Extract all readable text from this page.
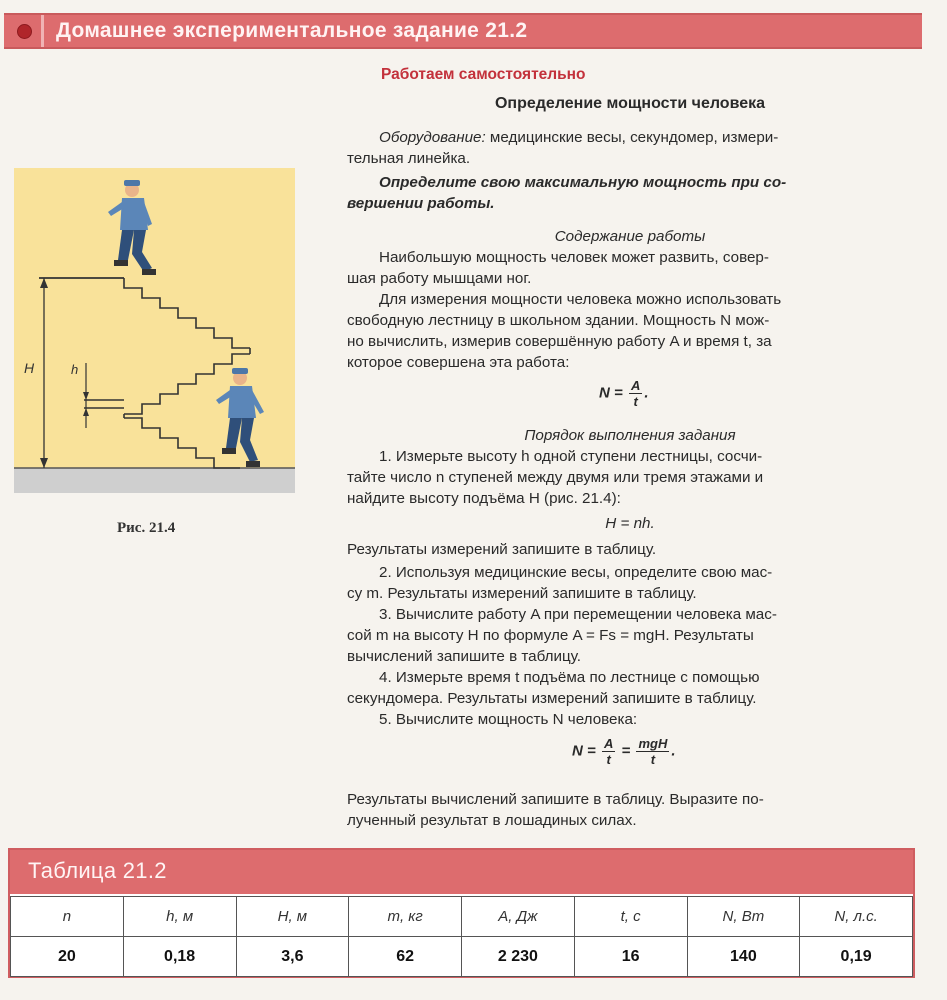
Домашнее экспериментальное задание 21.2
H	h
Рис. 21.4
Работаем самостоятельно
Определение мощности человека
Оборудование: медицинские весы, секундомер, измери-
тельная линейка.
Определите свою максимальную мощность при со-
вершении работы.
Содержание работы
Наибольшую мощность человек может развить, совер-
шая работу мышцами ног.
Для измерения мощности человека можно использовать
свободную лестницу в школьном здании. Мощность N мож-
но вычислить, измерив совершённую работу A и время t, за
которое совершена эта работа:
$N = \frac{A}{t}$ .
Порядок выполнения задания
1. Измерьте высоту h одной ступени лестницы, сосчи-
тайте число n ступеней между двумя или тремя этажами и
найдите высоту подъёма H (рис. 21.4):
H = nh.
Результаты измерений запишите в таблицу.
2. Используя медицинские весы, определите свою мас-
су m. Результаты измерений запишите в таблицу.
3. Вычислите работу A при перемещении человека мас-
сой m на высоту H по формуле A = Fs = mgH. Результаты
вычислений запишите в таблицу.
4. Измерьте время t подъёма по лестнице с помощью
секундомера. Результаты измерений запишите в таблицу.
5. Вычислите мощность N человека:
$N = \frac{A}{t} = \frac{\text{mgH}}{t}$ .
Результаты вычислений запишите в таблицу. Выразите по-
лученный результат в лошадиных силах.
Таблица 21.2
n	h, м	H, м	m, кг	A, Дж	t, с	N, Вт	N, л.с.
20	0,18	3,6	62	2 230	16	140	0,19
